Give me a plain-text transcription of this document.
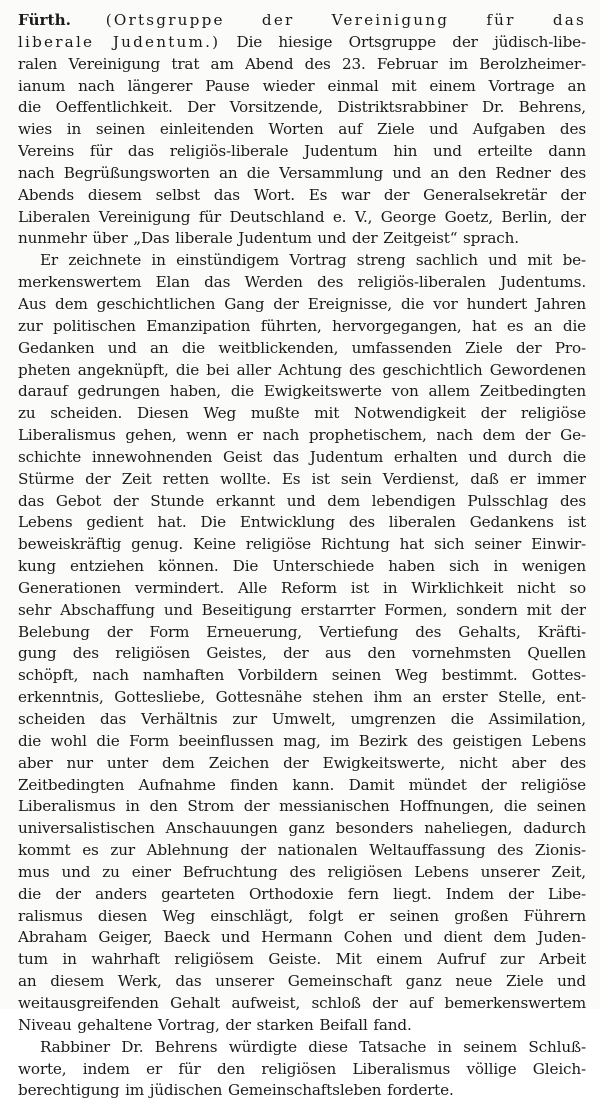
Fürth. (Ortsgruppe der Vereinigung für das
liberale Judentum.) Die hiesige Ortsgruppe der jüdisch-libe-
ralen Vereinigung trat am Abend des 23. Februar im Berolzheimer-
ianum nach längerer Pause wieder einmal mit einem Vortrage an
die Oeffentlichkeit. Der Vorsitzende, Distriktsrabbiner Dr. Behrens,
wies in seinen einleitenden Worten auf Ziele und Aufgaben des
Vereins für das religiös-liberale Judentum hin und erteilte dann
nach Begrüßungsworten an die Versammlung und an den Redner des
Abends diesem selbst das Wort. Es war der Generalsekretär der
Liberalen Vereinigung für Deutschland e. V., George Goetz, Berlin, der
nunmehr über „Das liberale Judentum und der Zeitgeist“ sprach.
Er zeichnete in einstündigem Vortrag streng sachlich und mit be-
merkenswertem Elan das Werden des religiös-liberalen Judentums.
Aus dem geschichtlichen Gang der Ereignisse, die vor hundert Jahren
zur politischen Emanzipation führten, hervorgegangen, hat es an die
Gedanken und an die weitblickenden, umfassenden Ziele der Pro-
pheten angeknüpft, die bei aller Achtung des geschichtlich Gewordenen
darauf gedrungen haben, die Ewigkeitswerte von allem Zeitbedingten
zu scheiden. Diesen Weg mußte mit Notwendigkeit der religiöse
Liberalismus gehen, wenn er nach prophetischem, nach dem der Ge-
schichte innewohnenden Geist das Judentum erhalten und durch die
Stürme der Zeit retten wollte. Es ist sein Verdienst, daß er immer
das Gebot der Stunde erkannt und dem lebendigen Pulsschlag des
Lebens gedient hat. Die Entwicklung des liberalen Gedankens ist
beweiskräftig genug. Keine religiöse Richtung hat sich seiner Einwir-
kung entziehen können. Die Unterschiede haben sich in wenigen
Generationen vermindert. Alle Reform ist in Wirklichkeit nicht so
sehr Abschaffung und Beseitigung erstarrter Formen, sondern mit der
Belebung der Form Erneuerung, Vertiefung des Gehalts, Kräfti-
gung des religiösen Geistes, der aus den vornehmsten Quellen
schöpft, nach namhaften Vorbildern seinen Weg bestimmt. Gottes-
erkenntnis, Gottesliebe, Gottesnähe stehen ihm an erster Stelle, ent-
scheiden das Verhältnis zur Umwelt, umgrenzen die Assimilation,
die wohl die Form beeinflussen mag, im Bezirk des geistigen Lebens
aber nur unter dem Zeichen der Ewigkeitswerte, nicht aber des
Zeitbedingten Aufnahme finden kann. Damit mündet der religiöse
Liberalismus in den Strom der messianischen Hoffnungen, die seinen
universalistischen Anschauungen ganz besonders naheliegen, dadurch
kommt es zur Ablehnung der nationalen Weltauffassung des Zionis-
mus und zu einer Befruchtung des religiösen Lebens unserer Zeit,
die der anders gearteten Orthodoxie fern liegt. Indem der Libe-
ralismus diesen Weg einschlägt, folgt er seinen großen Führern
Abraham Geiger, Baeck und Hermann Cohen und dient dem Juden-
tum in wahrhaft religiösem Geiste. Mit einem Aufruf zur Arbeit
an diesem Werk, das unserer Gemeinschaft ganz neue Ziele und
weitausgreifenden Gehalt aufweist, schloß der auf bemerkenswertem
Niveau gehaltene Vortrag, der starken Beifall fand.
Rabbiner Dr. Behrens würdigte diese Tatsache in seinem Schluß-
worte, indem er für den religiösen Liberalismus völlige Gleich-
berechtigung im jüdischen Gemeinschaftsleben forderte.
